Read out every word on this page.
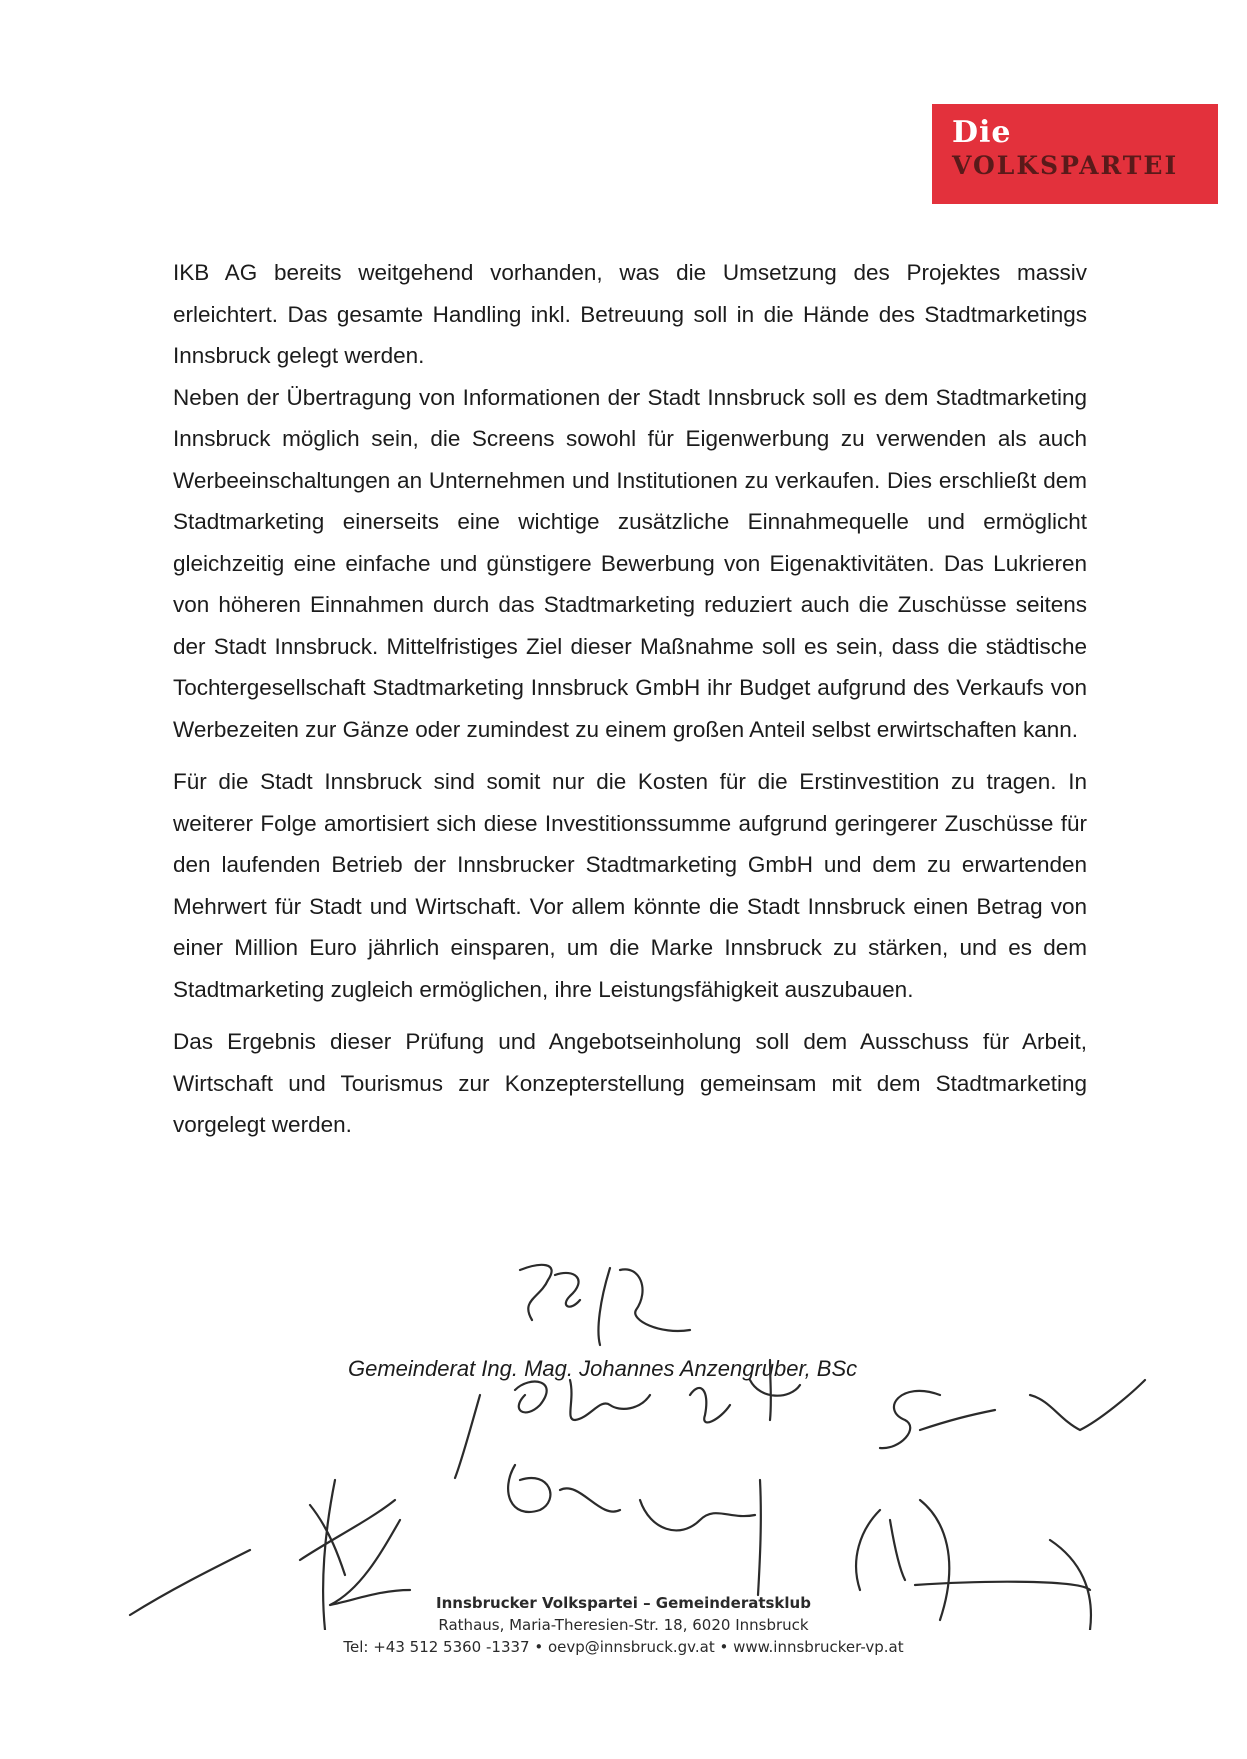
Die
VOLKSPARTEI

IKB AG bereits weitgehend vorhanden, was die Umsetzung des Projektes massiv erleichtert. Das gesamte Handling inkl. Betreuung soll in die Hände des Stadtmarketings Innsbruck gelegt werden.

Neben der Übertragung von Informationen der Stadt Innsbruck soll es dem Stadtmarketing Innsbruck möglich sein, die Screens sowohl für Eigenwerbung zu verwenden als auch Werbeeinschaltungen an Unternehmen und Institutionen zu verkaufen. Dies erschließt dem Stadtmarketing einerseits eine wichtige zusätzliche Einnahmequelle und ermöglicht gleichzeitig eine einfache und günstigere Bewerbung von Eigenaktivitäten. Das Lukrieren von höheren Einnahmen durch das Stadtmarketing reduziert auch die Zuschüsse seitens der Stadt Innsbruck. Mittelfristiges Ziel dieser Maßnahme soll es sein, dass die städtische Tochtergesellschaft Stadtmarketing Innsbruck GmbH ihr Budget aufgrund des Verkaufs von Werbezeiten zur Gänze oder zumindest zu einem großen Anteil selbst erwirtschaften kann.

Für die Stadt Innsbruck sind somit nur die Kosten für die Erstinvestition zu tragen. In weiterer Folge amortisiert sich diese Investitionssumme aufgrund geringerer Zuschüsse für den laufenden Betrieb der Innsbrucker Stadtmarketing GmbH und dem zu erwartenden Mehrwert für Stadt und Wirtschaft. Vor allem könnte die Stadt Innsbruck einen Betrag von einer Million Euro jährlich einsparen, um die Marke Innsbruck zu stärken, und es dem Stadtmarketing zugleich ermöglichen, ihre Leistungsfähigkeit auszubauen.

Das Ergebnis dieser Prüfung und Angebotseinholung soll dem Ausschuss für Arbeit, Wirtschaft und Tourismus zur Konzepterstellung gemeinsam mit dem Stadtmarketing vorgelegt werden.

Gemeinderat Ing. Mag. Johannes Anzengruber, BSc
Innsbrucker Volkspartei – Gemeinderatsklub
Rathaus, Maria-Theresien-Str. 18, 6020 Innsbruck
Tel: +43 512 5360 -1337 • oevp@innsbruck.gv.at • www.innsbrucker-vp.at
